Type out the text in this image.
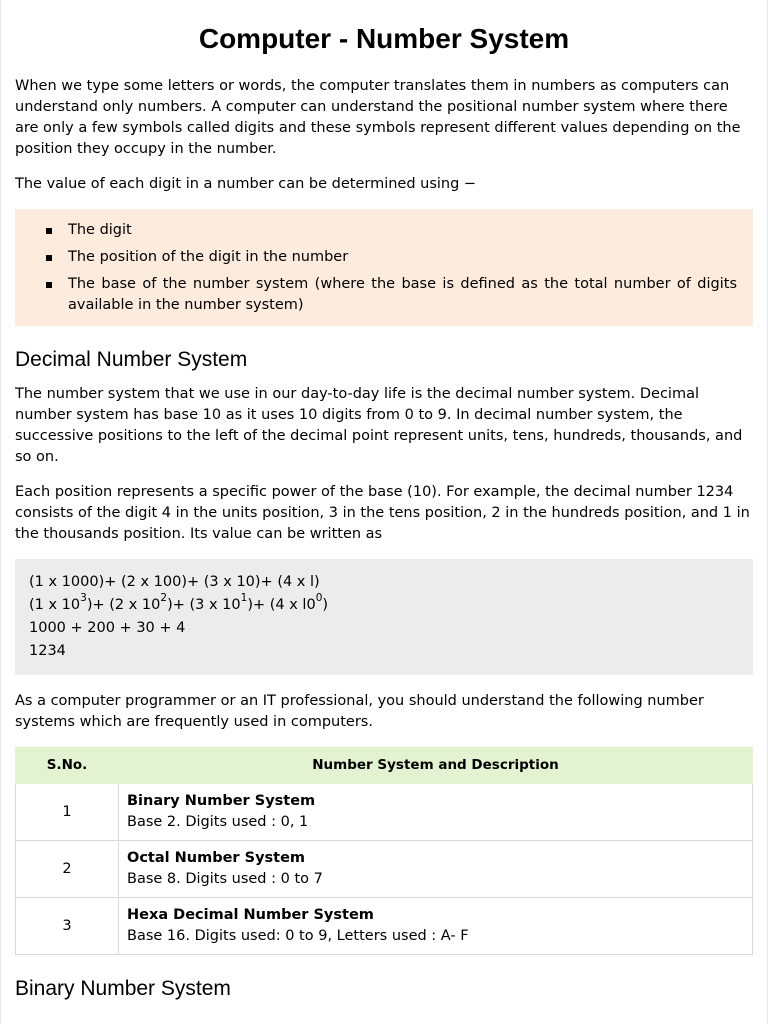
Computer - Number System

When we type some letters or words, the computer translates them in numbers as computers can understand only numbers. A computer can understand the positional number system where there are only a few symbols called digits and these symbols represent different values depending on the position they occupy in the number.

The value of each digit in a number can be determined using −

The digit
The position of the digit in the number
The base of the number system (where the base is defined as the total number of digits available in the number system)
Decimal Number System

The number system that we use in our day-to-day life is the decimal number system. Decimal number system has base 10 as it uses 10 digits from 0 to 9. In decimal number system, the successive positions to the left of the decimal point represent units, tens, hundreds, thousands, and so on.

Each position represents a specific power of the base (10). For example, the decimal number 1234 consists of the digit 4 in the units position, 3 in the tens position, 2 in the hundreds position, and 1 in the thousands position. Its value can be written as

(1 x 1000)+ (2 x 100)+ (3 x 10)+ (4 x l)
(1 x $10^3)+ (2$ x $10^2)+ (3$ x $10^1)+ (4$ x $l0^0$)
1000 + 200 + 30 + 4
1234

As a computer programmer or an IT professional, you should understand the following number systems which are frequently used in computers.

S.No.	Number System and Description
1	Binary Number System
Base 2. Digits used : 0, 1

2	Octal Number System
Base 8. Digits used : 0 to 7

3	Hexa Decimal Number System
Base 16. Digits used: 0 to 9, Letters used : A- F
Binary Number System
